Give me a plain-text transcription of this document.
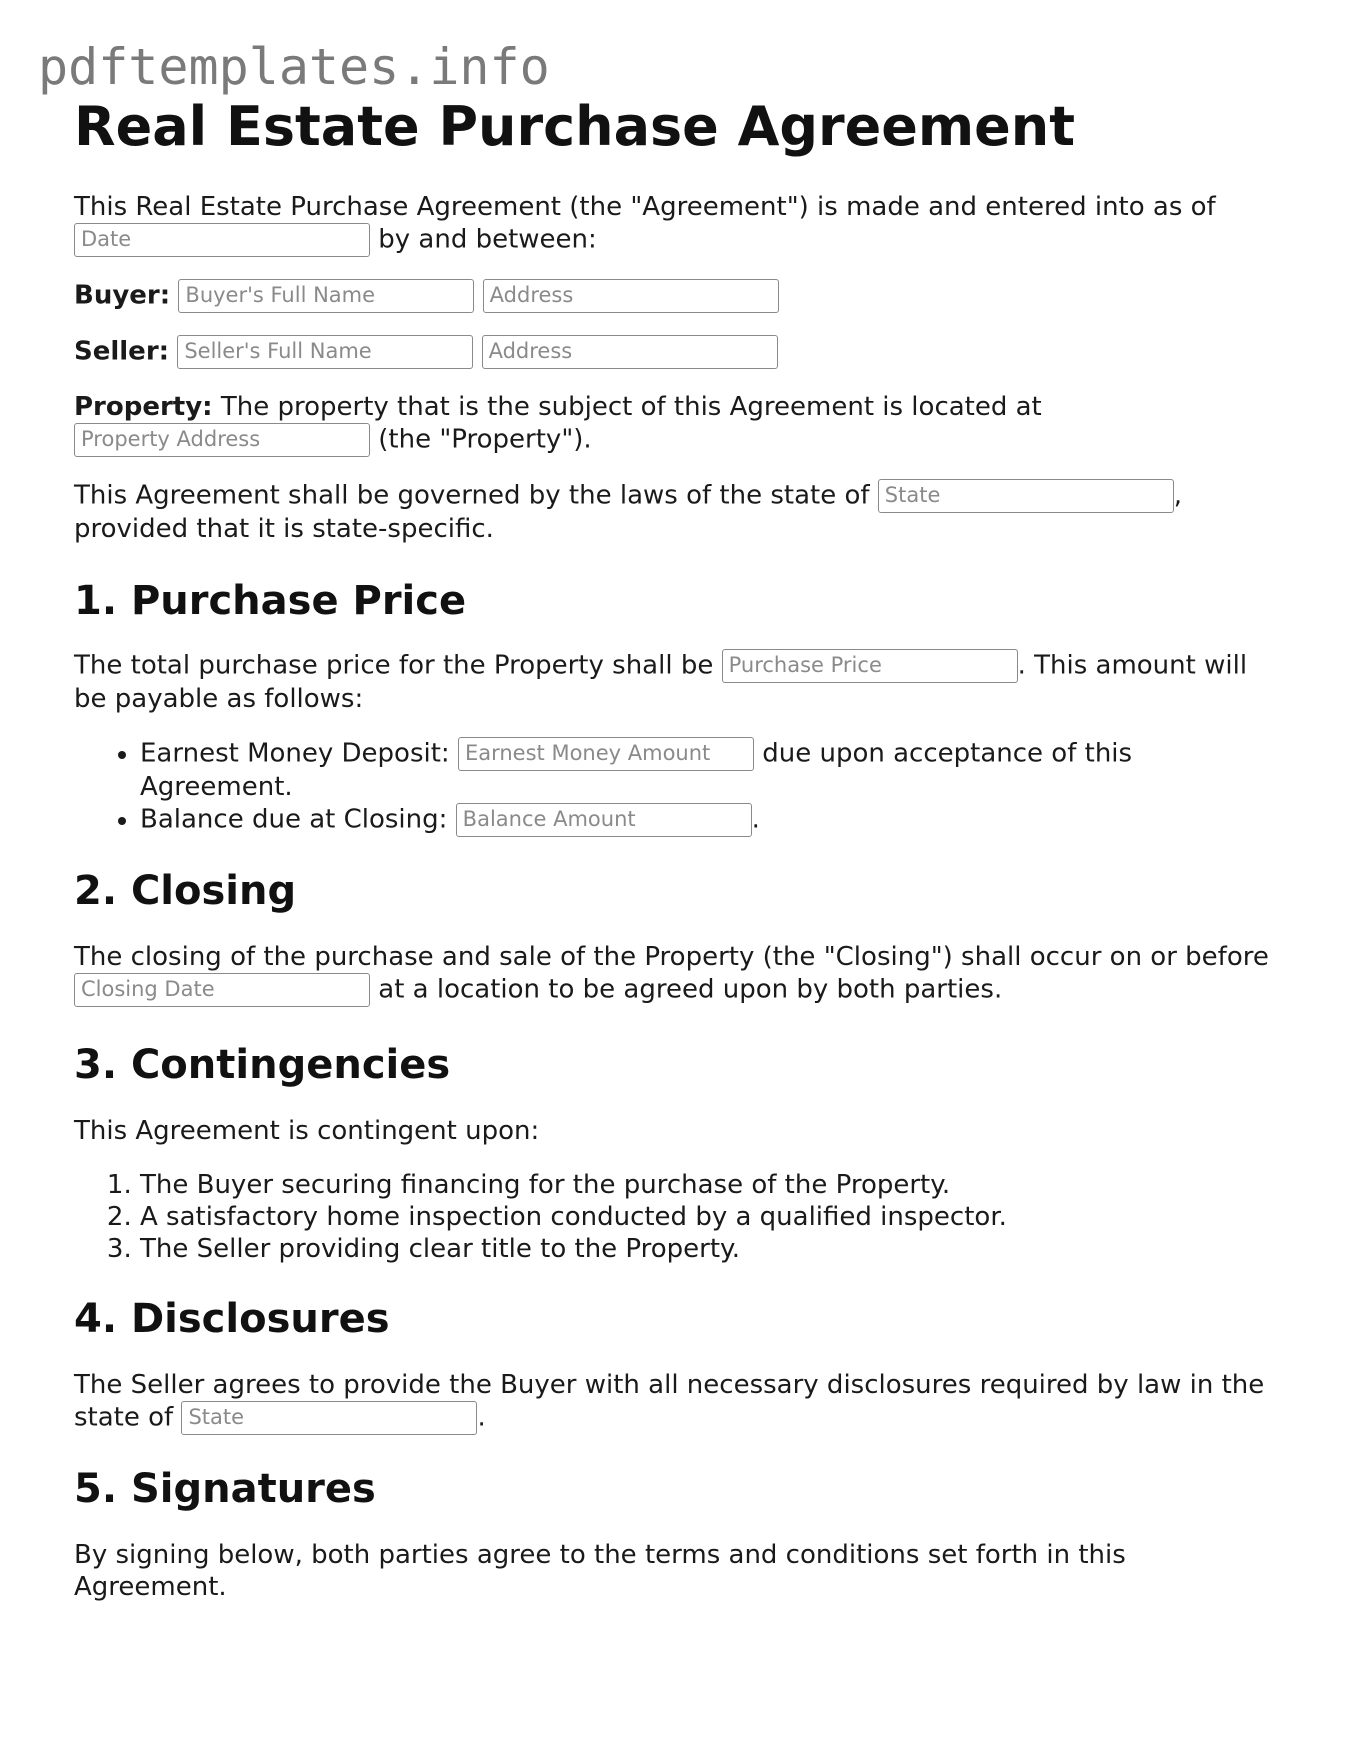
pdftemplates.info
Real Estate Purchase Agreement

This Real Estate Purchase Agreement (the "Agreement") is made and entered into as of Date by and between:

Buyer: Buyer's Full Name Address

Seller: Seller's Full Name Address

Property: The property that is the subject of this Agreement is located at
Property Address (the "Property").

This Agreement shall be governed by the laws of the state of State	,
provided that it is state-specific.

1. Purchase Price

The total purchase price for the Property shall be Purchase Price	. This amount will be payable as follows:

• Earnest Money Deposit: Earnest Money Amount	due upon acceptance of this Agreement.
• Balance due at Closing: Balance Amount	.
2. Closing

The closing of the purchase and sale of the Property (the "Closing") shall occur on or before Closing Date at a location to be agreed upon by both parties.

3. Contingencies

This Agreement is contingent upon:

1. The Buyer securing financing for the purchase of the Property.
2. A satisfactory home inspection conducted by a qualified inspector.
3. The Seller providing clear title to the Property.
4. Disclosures

The Seller agrees to provide the Buyer with all necessary disclosures required by law in the state of State	.

5. Signatures

By signing below, both parties agree to the terms and conditions set forth in this Agreement.
